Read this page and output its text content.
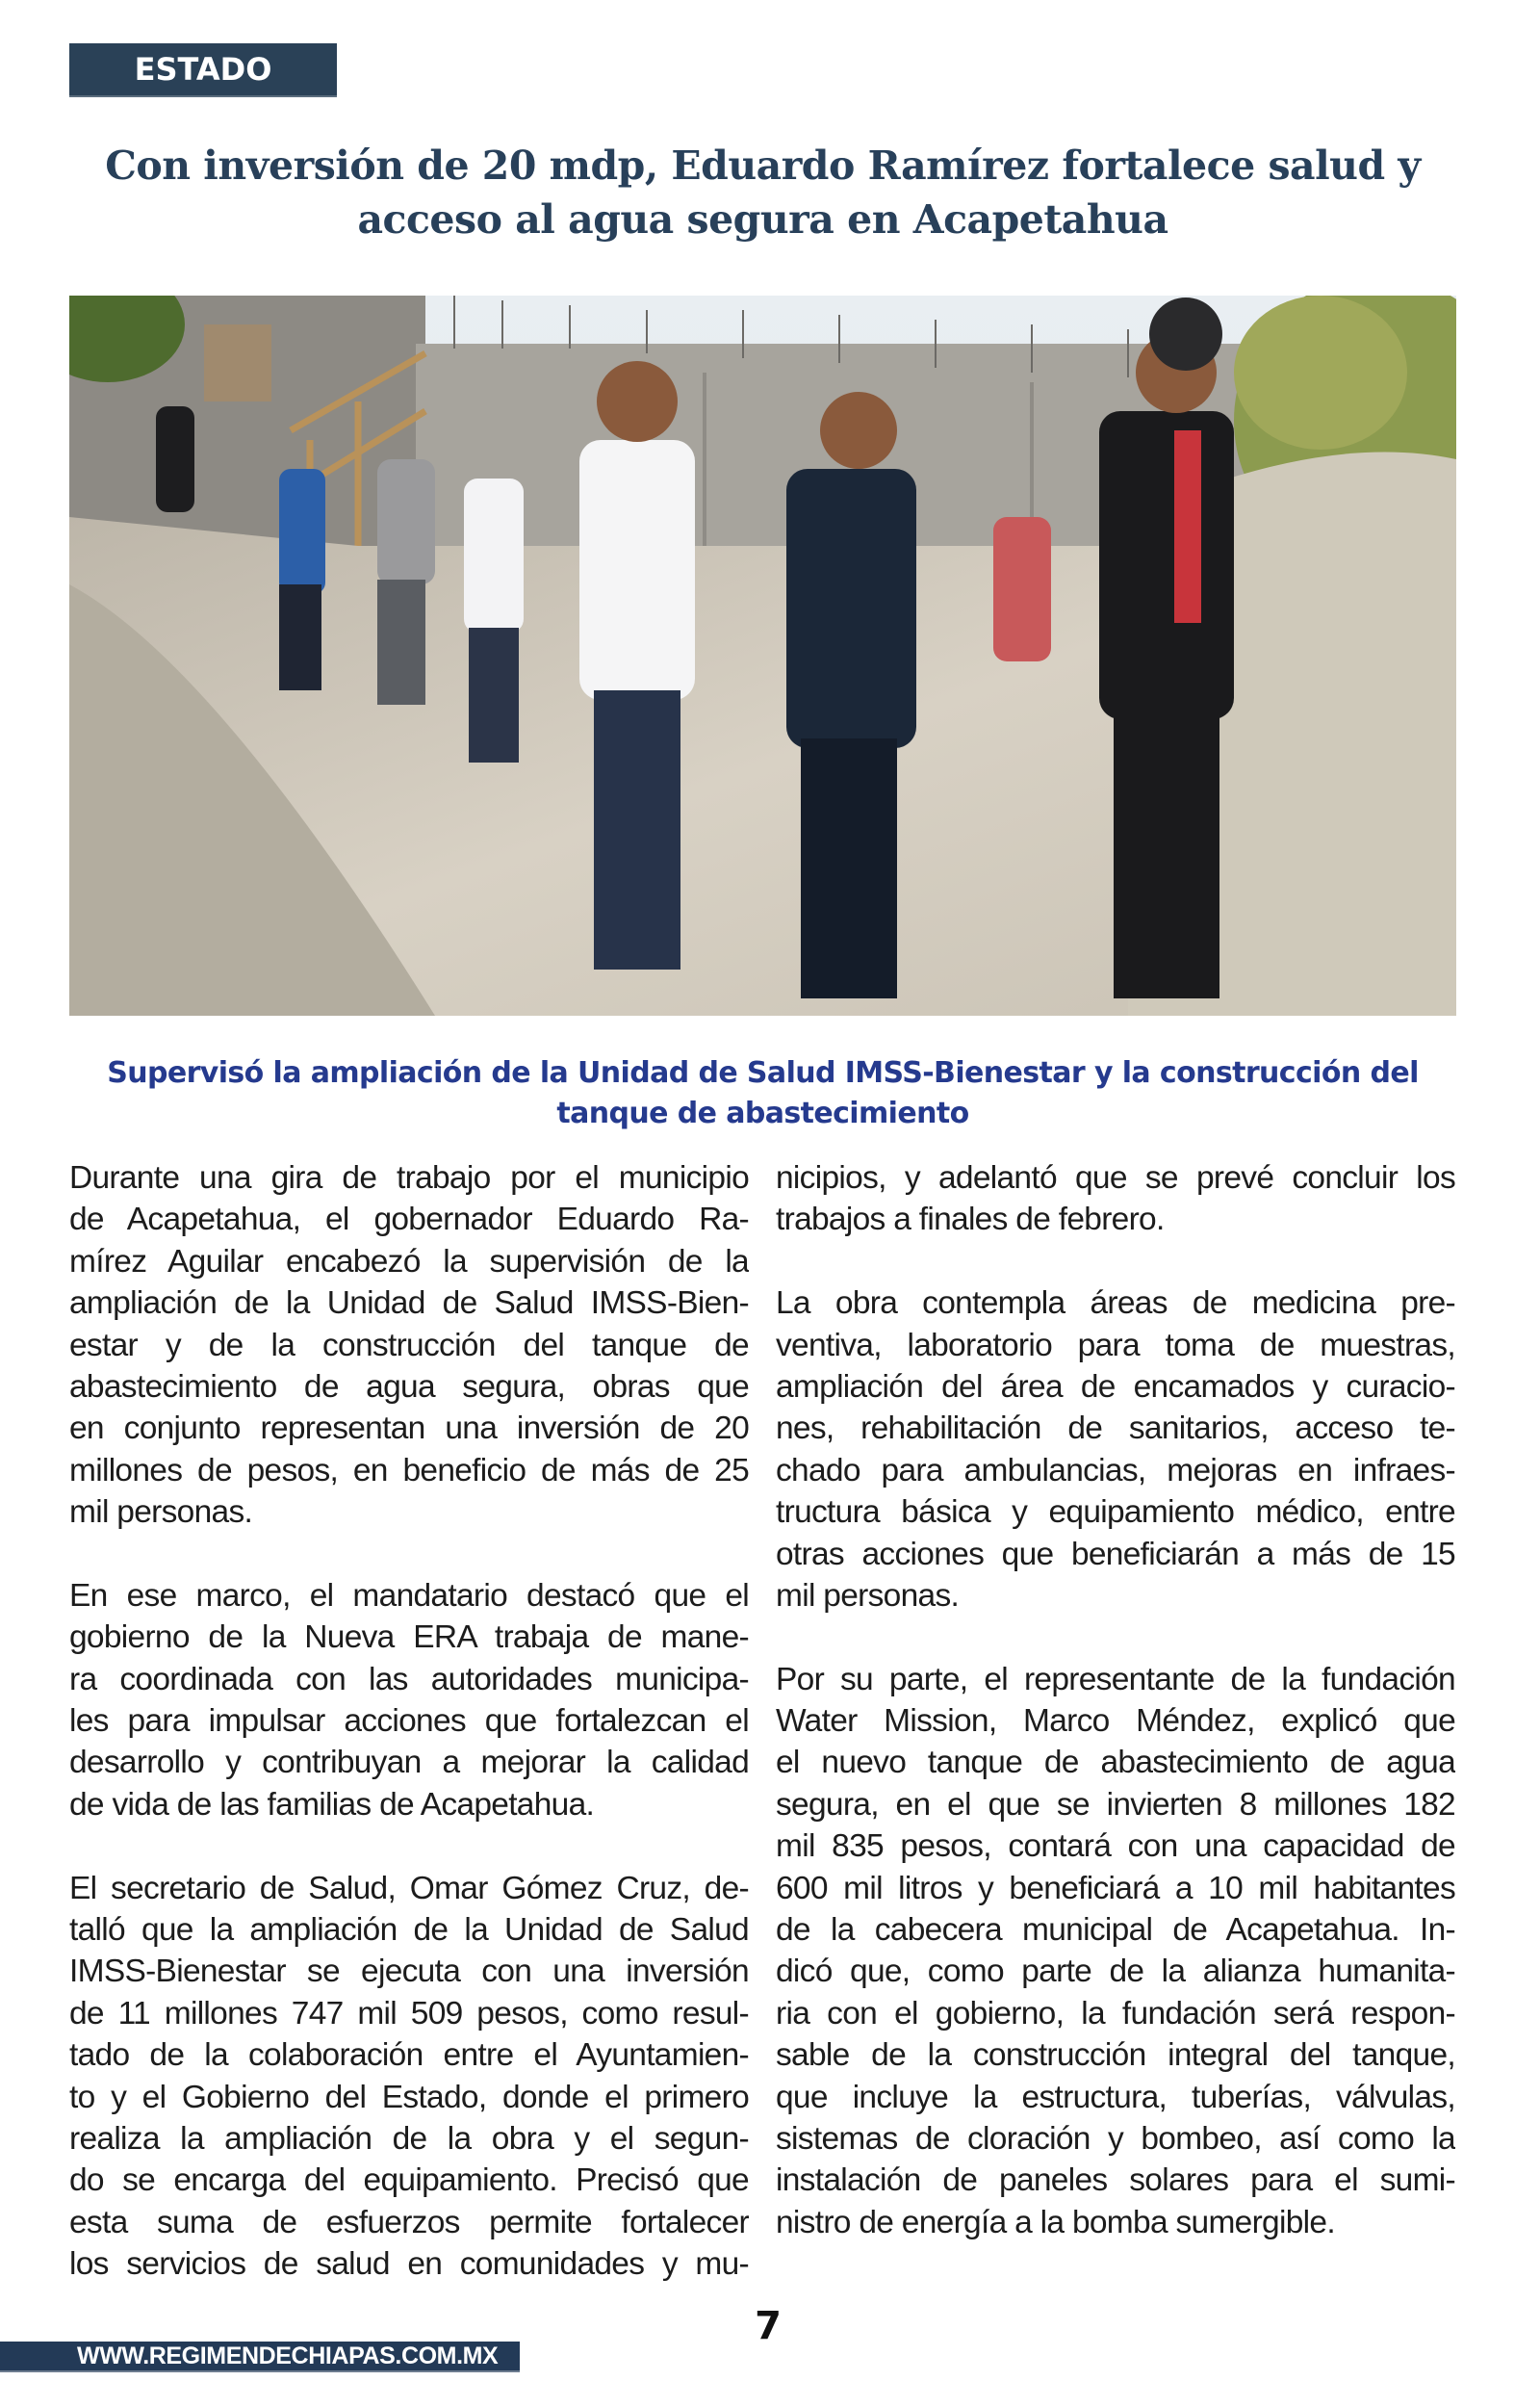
ESTADO
Con inversión de 20 mdp, Eduardo Ramírez fortalece salud y
acceso al agua segura en Acapetahua
Supervisó la ampliación de la Unidad de Salud IMSS-Bienestar y la construcción del
tanque de abastecimiento
Durante una gira de trabajo por el municipio
de Acapetahua, el gobernador Eduardo Ra-
mírez Aguilar encabezó la supervisión de la
ampliación de la Unidad de Salud IMSS-Bien-
estar y de la construcción del tanque de
abastecimiento de agua segura, obras que
en conjunto representan una inversión de 20
millones de pesos, en beneficio de más de 25
mil personas.
En ese marco, el mandatario destacó que el
gobierno de la Nueva ERA trabaja de mane-
ra coordinada con las autoridades municipa-
les para impulsar acciones que fortalezcan el
desarrollo y contribuyan a mejorar la calidad
de vida de las familias de Acapetahua.
El secretario de Salud, Omar Gómez Cruz, de-
talló que la ampliación de la Unidad de Salud
IMSS-Bienestar se ejecuta con una inversión
de 11 millones 747 mil 509 pesos, como resul-
tado de la colaboración entre el Ayuntamien-
to y el Gobierno del Estado, donde el primero
realiza la ampliación de la obra y el segun-
do se encarga del equipamiento. Precisó que
esta suma de esfuerzos permite fortalecer
los servicios de salud en comunidades y mu-
nicipios, y adelantó que se prevé concluir los
trabajos a finales de febrero.
La obra contempla áreas de medicina pre-
ventiva, laboratorio para toma de muestras,
ampliación del área de encamados y curacio-
nes, rehabilitación de sanitarios, acceso te-
chado para ambulancias, mejoras en infraes-
tructura básica y equipamiento médico, entre
otras acciones que beneficiarán a más de 15
mil personas.
Por su parte, el representante de la fundación
Water Mission, Marco Méndez, explicó que
el nuevo tanque de abastecimiento de agua
segura, en el que se invierten 8 millones 182
mil 835 pesos, contará con una capacidad de
600 mil litros y beneficiará a 10 mil habitantes
de la cabecera municipal de Acapetahua. In-
dicó que, como parte de la alianza humanita-
ria con el gobierno, la fundación será respon-
sable de la construcción integral del tanque,
que incluye la estructura, tuberías, válvulas,
sistemas de cloración y bombeo, así como la
instalación de paneles solares para el sumi-
nistro de energía a la bomba sumergible.
WWW.REGIMENDECHIAPAS.COM.MX
7
